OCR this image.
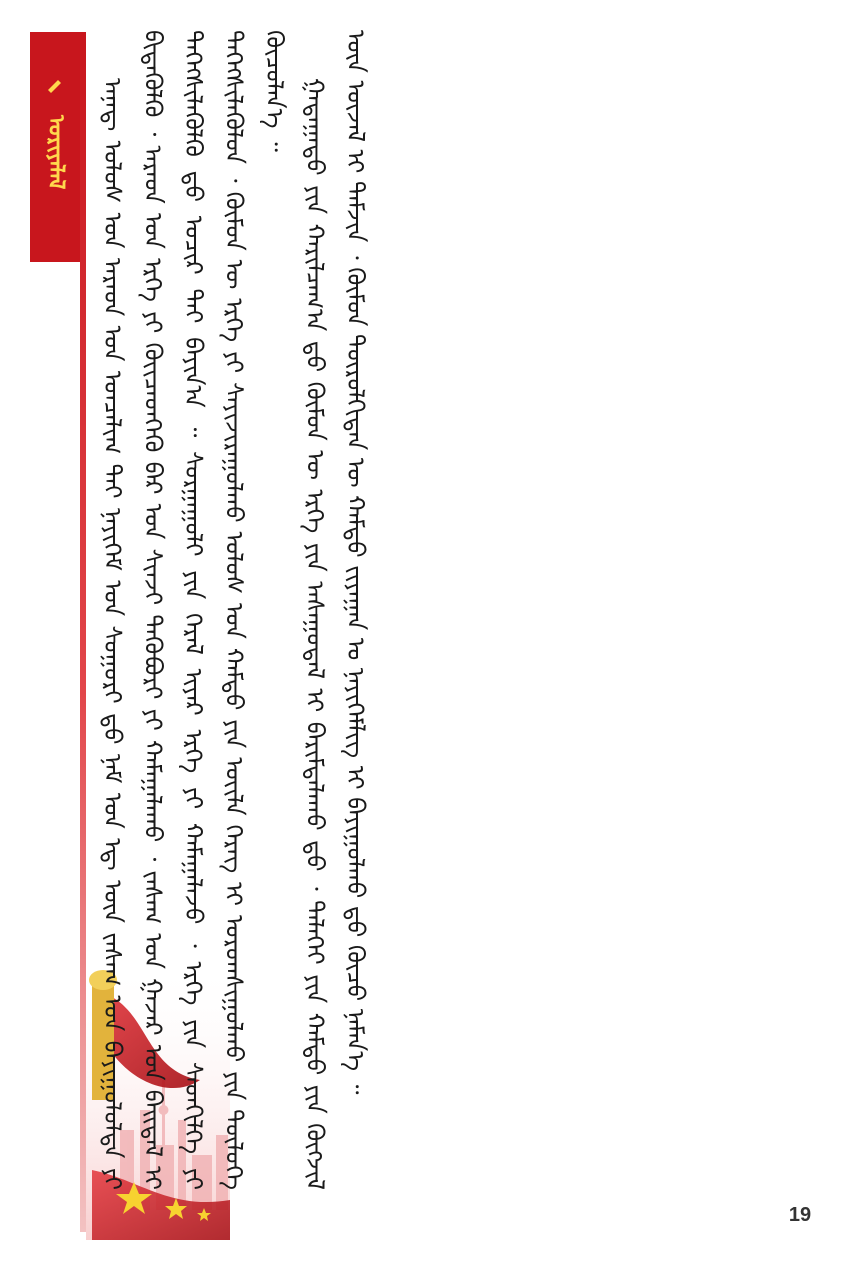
ᠤᠷᠢᠶᠠᠯᠠᠯ	ᠠᠨᠠᠳ᠋ ᠤᠯᠤᠰ ᠤᠨ ᠠᠷᠠᠳ ᠤᠨ ᠣᠨᠴᠠᠯᠢᠭ ᠲᠠᠢ ᠨᠡᠶᠢᠭᠡᠮ ᠤᠨ ᠰᠤᠭᠤᠷᠢ ᠳ᠋ᠤ ᠨᠠᠮ ᠤᠨ ᠡᠳ᠋ ᠦᠨ ᠵᠠᠰᠠᠭ ᠤᠨ ᠪᠠᠶᠢᠭᠤᠯᠤᠯᠲᠠ ᠶᠢ ᠪᠢᠲᠡᠭᠦᠯᠬᠦ ᠂ ᠠᠷᠠᠳ ᠤᠨ ᠡᠷᠬᠡ ᠶᠢ ᠭᠦᠢᠴᠡᠳᠬᠡᠬᠦ ᠪᠠᠷ ᠤᠨ ᠰᠢᠨᠵᠢ ᠲᠡᠭᠦᠪᠦᠷᠢ ᠶᠢ ᠬᠠᠮᠠᠭᠠᠯᠠᠬᠤ ᠂ ᠵᠠᠰᠠᠭ ᠤᠨ ᠭᠠᠵᠠᠷ ᠤᠨ ᠪᠠᠢᠳᠠᠯ ᠢ ᠳᠡᠭᠡᠭᠰᠢᠯᠡᠭᠦᠯᠬᠦ ᠳ᠋ᠤ ᠤᠴᠢᠷ ᠲᠠᠢ ᠪᠠᠶᠢᠨ᠎ᠠ ᠃ ᠰᠤᠷᠭᠠᠭᠤᠯᠢ ᠶᠢᠨ ᠭᠡᠷᠡᠯ ᠢᠶᠡᠷ ᠡᠷᠬᠡ ᠶᠢ ᠬᠠᠮᠠᠭᠠᠯᠠᠵᠤ ᠂ ᠡᠷᠬᠡ ᠶᠢᠨ ᠰᠡᠳᠬᠢᠯᠭᠡ ᠶᠢ ᠳᠡᠭᠡᠭᠰᠢᠯᠡᠭᠦᠯᠦᠨ ᠂ ᠬᠦᠮᠦᠨ ᠦ ᠡᠷᠬᠡ ᠶᠢ ᠰᠠᠶᠢᠵᠢᠷᠠᠭᠤᠯᠬᠤ ᠤᠯᠤᠰ ᠤᠨ ᠬᠠᠮᠲᠤ ᠶᠢᠨ ᠦᠢᠯᠡ ᠬᠡᠷᠡᠭ ᠢ ᠤᠷᠤᠭᠰᠢᠭᠤᠯᠬᠤ ᠶᠢᠨ ᠲᠥᠯᠦᠭᠡ ᠬᠦᠴᠦᠯᠡᠨ᠎ᠡ ᠃ ᠭᠠᠳᠠᠭᠠᠳᠤ ᠶᠢᠨ ᠬᠠᠷᠢᠯᠴᠠᠭ᠎ᠠ ᠳ᠋ᠤ ᠬᠦᠮᠦᠨ ᠦ ᠡᠷᠬᠡ ᠶᠢᠨ ᠠᠰᠠᠭᠤᠳᠠᠯ ᠢ ᠪᠠᠷᠢᠮᠲᠠᠯᠠᠬᠤ ᠳ᠋ᠤ ᠂ ᠳᠡᠯᠡᠬᠡᠢ ᠶᠢᠨ ᠬᠠᠮᠲᠤ ᠶᠢᠨ ᠬᠥᠭᠵᠢᠯ ᠦᠨ ᠦᠵᠡᠯ ᠢ ᠳᠡᠮᠵᠢᠨ ᠂ ᠬᠦᠮᠦᠨ ᠲᠥᠷᠥᠯᠬᠢᠲᠡᠨ ᠦ ᠬᠠᠮᠲᠤ ᠵᠢᠶᠠᠭᠠᠨ ᠤ ᠨᠡᠶᠢᠭᠡᠮᠯᠢᠭ ᠢ ᠪᠠᠶᠢᠭᠤᠯᠬᠤ ᠳ᠋ᠤ ᠬᠦᠴᠦ ᠨᠡᠮᠡᠨ᠎ᠡ ᠃

19
